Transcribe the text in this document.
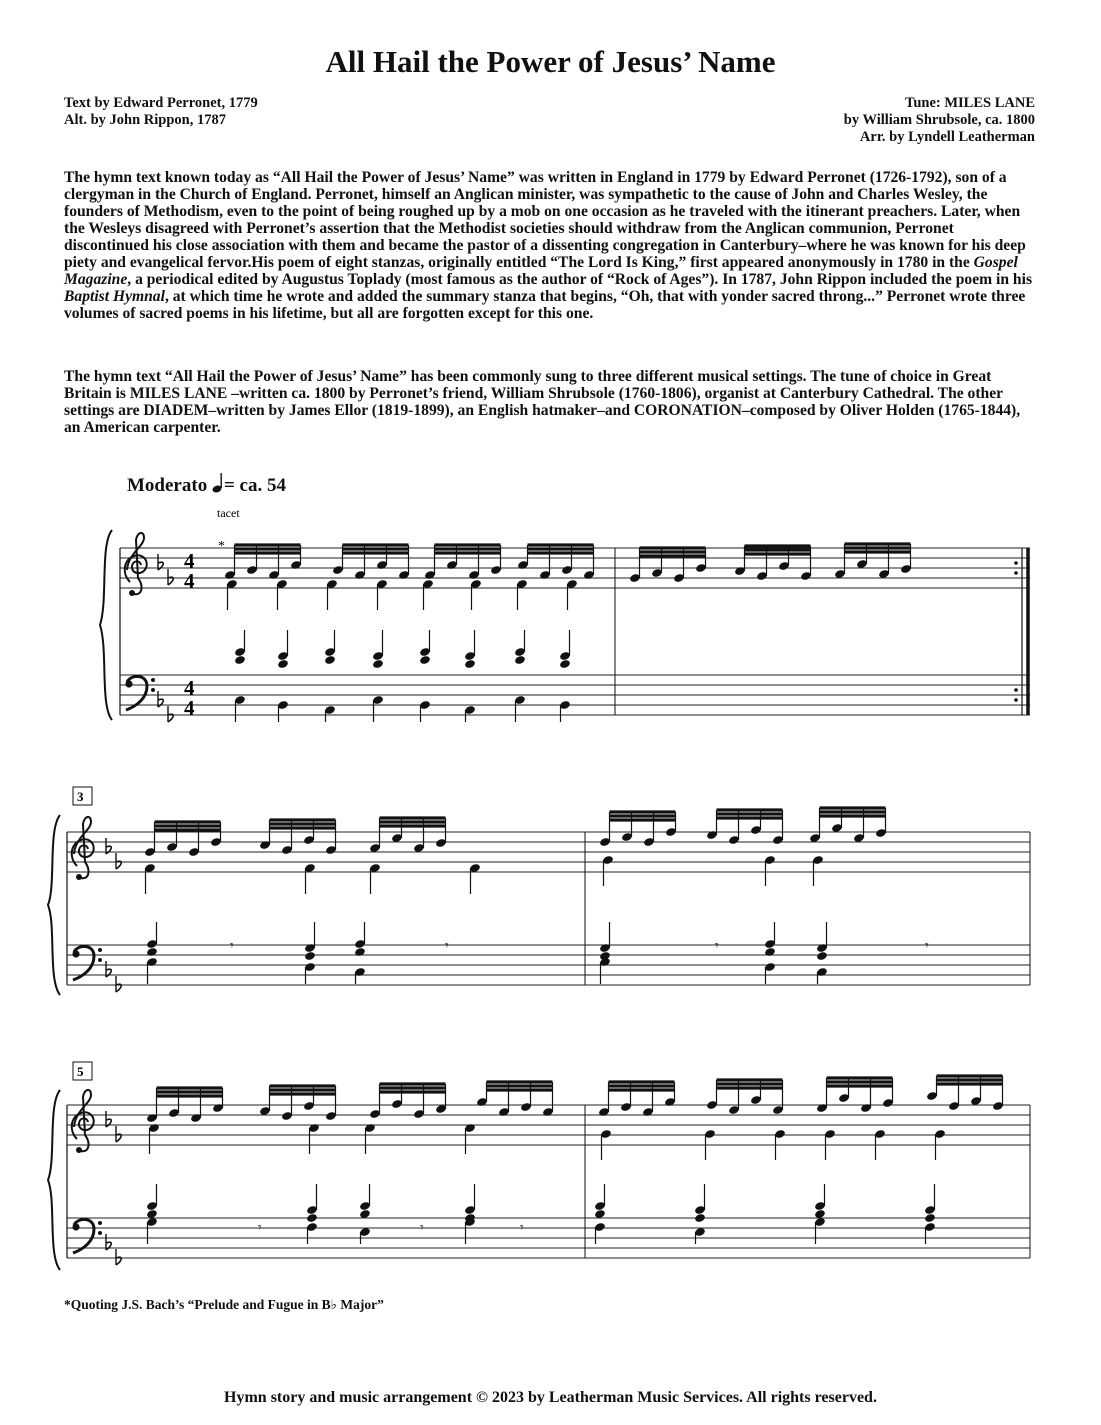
All Hail the Power of Jesus’ Name
Text by Edward Perronet, 1779
Alt. by John Rippon, 1787
Tune: MILES LANE
by William Shrubsole, ca. 1800
Arr. by Lyndell Leatherman

The hymn text known today as “All Hail the Power of Jesus’ Name” was written in England in 1779 by Edward Perronet (1726-1792), son of a clergyman in the Church of England. Perronet, himself an Anglican minister, was sympathetic to the cause of John and Charles Wesley, the founders of Methodism, even to the point of being roughed up by a mob on one occasion as he traveled with the itinerant preachers. Later, when the Wesleys disagreed with Perronet’s assertion that the Methodist societies should withdraw from the Anglican communion, Perronet discontinued his close association with them and became the pastor of a dissenting congregation in Canterbury–where he was known for his deep piety and evangelical fervor.His poem of eight stanzas, originally entitled “The Lord Is King,” first appeared anonymously in 1780 in the Gospel Magazine, a periodical edited by Augustus Toplady (most famous as the author of “Rock of Ages”). In 1787, John Rippon included the poem in his Baptist Hymnal, at which time he wrote and added the summary stanza that begins, “Oh, that with yonder sacred throng...” Perronet wrote three volumes of sacred poems in his lifetime, but all are forgotten except for this one.

The hymn text “All Hail the Power of Jesus’ Name” has been commonly sung to three different musical settings. The tune of choice in Great Britain is MILES LANE –written ca. 1800 by Perronet’s friend, William Shrubsole (1760-1806), organist at Canterbury Cathedral. The other settings are DIADEM–written by James Ellor (1819-1899), an English hatmaker–and CORONATION–composed by Oliver Holden (1765-1844), an American carpenter.

Moderato = ca. 54
tacet
*
4
4
4
4
3
𝄾	𝄾	𝄾	𝄾
5
𝄾	𝄾	𝄾
*Quoting J.S. Bach’s “Prelude and Fugue in B♭ Major”
Hymn story and music arrangement © 2023 by Leatherman Music Services. All rights reserved.
